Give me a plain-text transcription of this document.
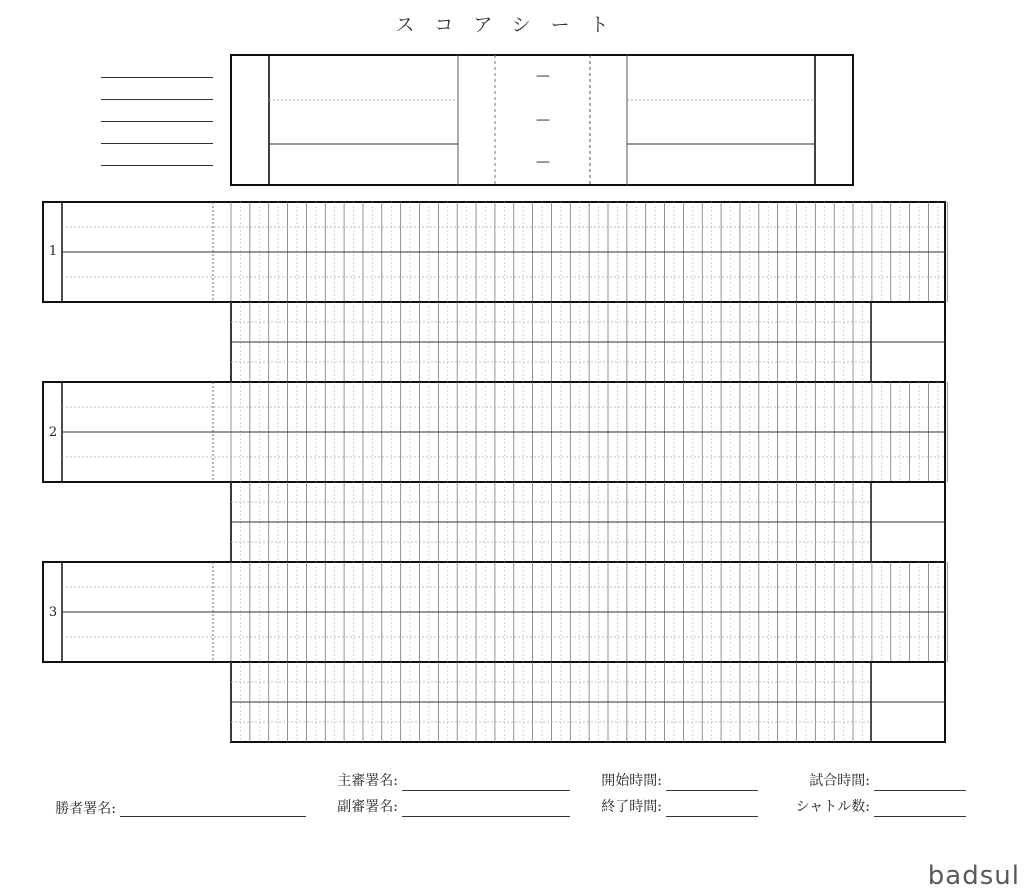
スコアシート
—
—
—
1
2
3
主審署名:	開始時間:	試合時間:
勝者署名:	副審署名:	終了時間:	シャトル数:
badsul
